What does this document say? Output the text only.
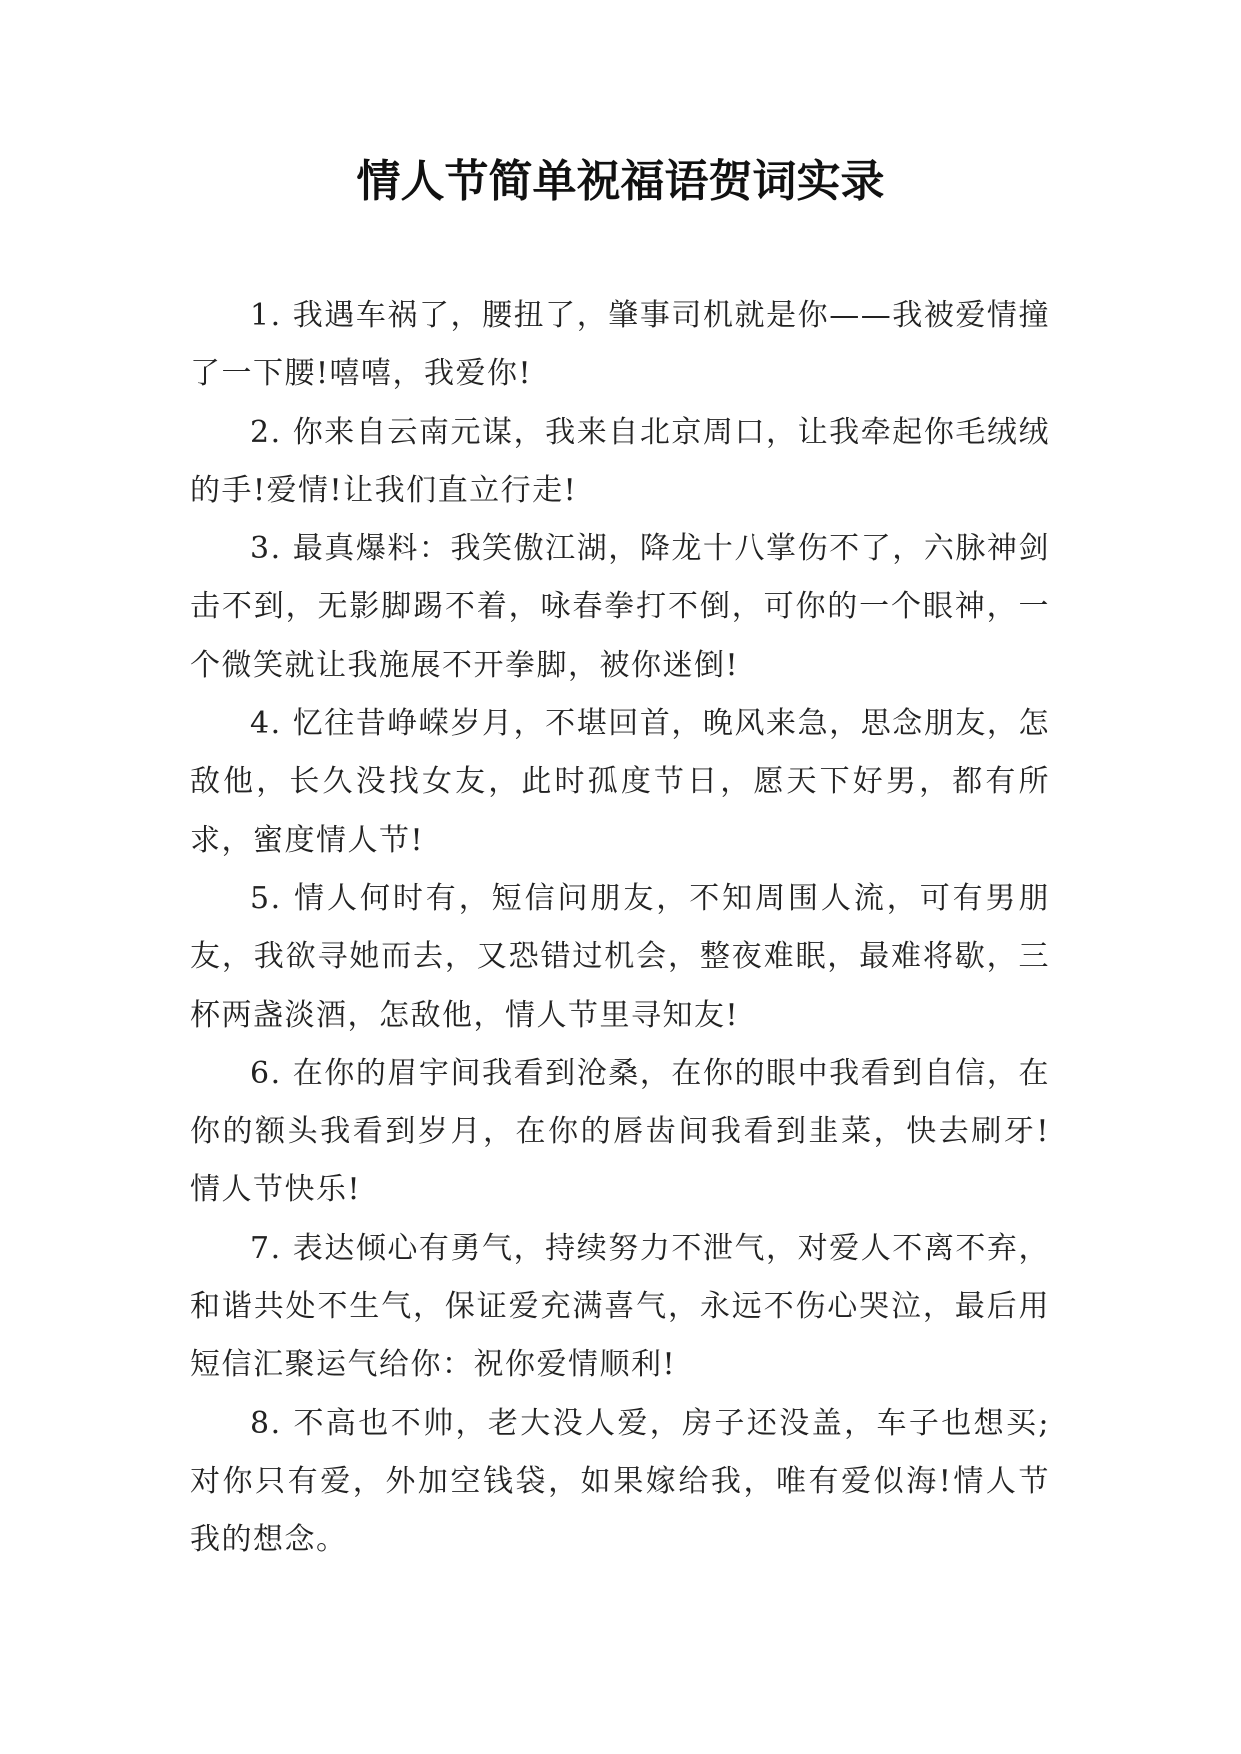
情人节简单祝福语贺词实录

1. 我遇车祸了，腰扭了，肇事司机就是你——我被爱情撞了一下腰!嘻嘻，我爱你!

2. 你来自云南元谋，我来自北京周口，让我牵起你毛绒绒的手!爱情!让我们直立行走!

3. 最真爆料：我笑傲江湖，降龙十八掌伤不了，六脉神剑击不到，无影脚踢不着，咏春拳打不倒，可你的一个眼神，一个微笑就让我施展不开拳脚，被你迷倒!

4. 忆往昔峥嵘岁月，不堪回首，晚风来急，思念朋友，怎敌他，长久没找女友，此时孤度节日，愿天下好男，都有所求，蜜度情人节!

5. 情人何时有，短信问朋友，不知周围人流，可有男朋友，我欲寻她而去，又恐错过机会，整夜难眠，最难将歇，三杯两盏淡酒，怎敌他，情人节里寻知友!

6. 在你的眉宇间我看到沧桑，在你的眼中我看到自信，在你的额头我看到岁月，在你的唇齿间我看到韭菜，快去刷牙!情人节快乐!

7. 表达倾心有勇气，持续努力不泄气，对爱人不离不弃，和谐共处不生气，保证爱充满喜气，永远不伤心哭泣，最后用短信汇聚运气给你：祝你爱情顺利!

8. 不高也不帅，老大没人爱，房子还没盖，车子也想买;对你只有爱，外加空钱袋，如果嫁给我，唯有爱似海!情人节我的想念。
